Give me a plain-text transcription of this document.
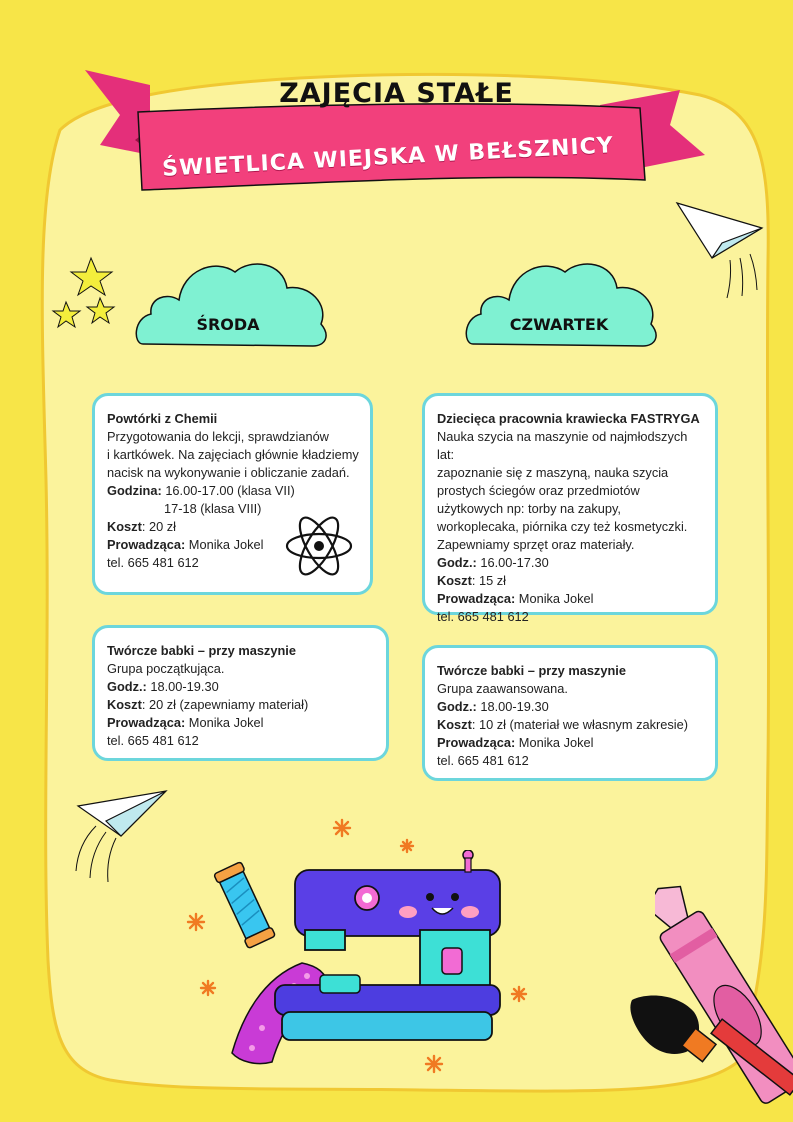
ZAJĘCIA STAŁE
ŚWIETLICA WIEJSKA W BEŁSZNICY
ŚRODA	CZWARTEK
Powtórki z Chemii
Przygotowania do lekcji, sprawdzianów
i kartkówek. Na zajęciach głównie kładziemy
nacisk na wykonywanie i obliczanie zadań.
Godzina: 16.00-17.00 (klasa VII)
17-18 (klasa VIII)
Koszt: 20 zł
Prowadząca: Monika Jokel
tel. 665 481 612
Twórcze babki – przy maszynie
Grupa początkująca.
Godz.: 18.00-19.30
Koszt: 20 zł (zapewniamy materiał)
Prowadząca: Monika Jokel
tel. 665 481 612
Dziecięca pracownia krawiecka FASTRYGA
Nauka szycia na maszynie od najmłodszych lat:
zapoznanie się z maszyną, nauka szycia
prostych ściegów oraz przedmiotów
użytkowych np: torby na zakupy,
workoplecaka, piórnika czy też kosmetyczki.
Zapewniamy sprzęt oraz materiały.
Godz.: 16.00-17.30
Koszt: 15 zł
Prowadząca: Monika Jokel
tel. 665 481 612
Twórcze babki – przy maszynie
Grupa zaawansowana.
Godz.: 18.00-19.30
Koszt: 10 zł (materiał we własnym zakresie)
Prowadząca: Monika Jokel
tel. 665 481 612
